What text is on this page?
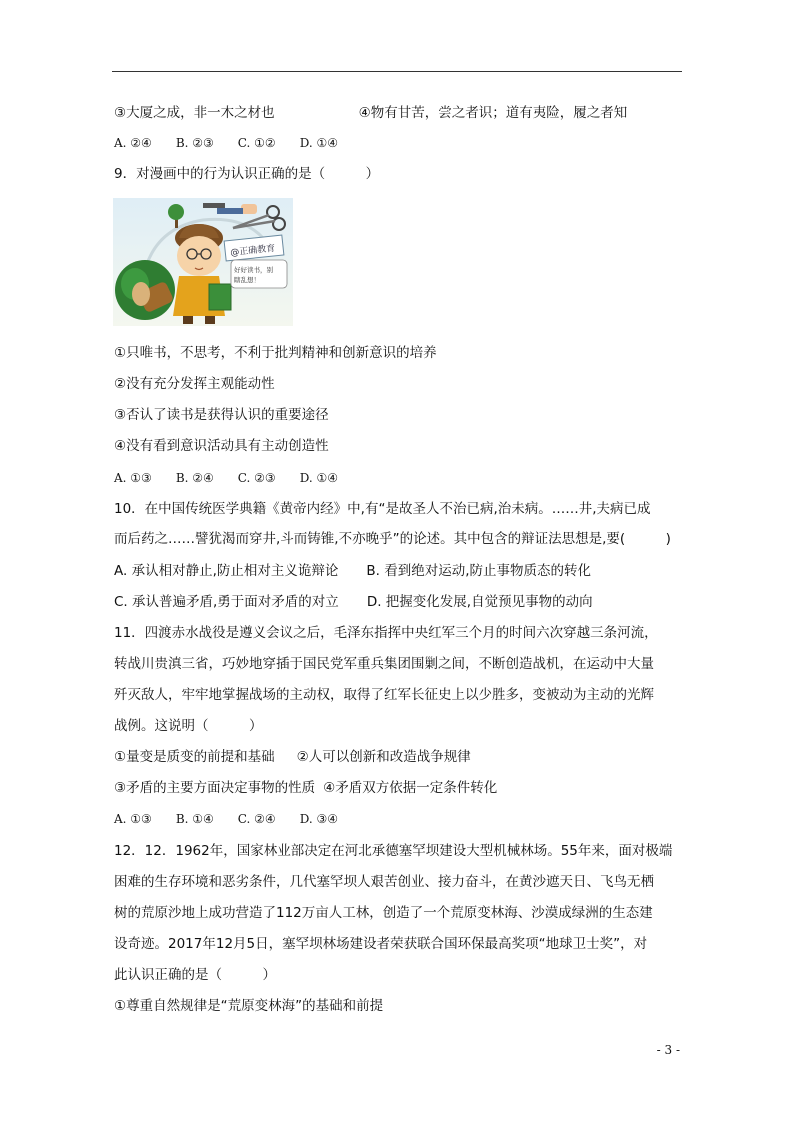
③大厦之成，非一木之材也	④物有甘苦，尝之者识；道有夷险，履之者知
A. ②④ B. ②③ C. ①② D. ①④
9．对漫画中的行为认识正确的是（　　　）
@正确教育
好好读书，别
瞎乱想！
①只唯书，不思考，不利于批判精神和创新意识的培养
②没有充分发挥主观能动性
③否认了读书是获得认识的重要途径
④没有看到意识活动具有主动创造性
A. ①③ B. ②④ C. ②③ D. ①④
10．在中国传统医学典籍《黄帝内经》中,有“是故圣人不治已病,治未病。……井,夫病已成
而后药之……譬犹渴而穿井,斗而铸锥,不亦晚乎”的论述。其中包含的辩证法思想是,要(　　　)
A. 承认相对静止,防止相对主义诡辩论 B. 看到绝对运动,防止事物质态的转化
C. 承认普遍矛盾,勇于面对矛盾的对立 D. 把握变化发展,自觉预见事物的动向
11．四渡赤水战役是遵义会议之后，毛泽东指挥中央红军三个月的时间六次穿越三条河流，
转战川贵滇三省，巧妙地穿插于国民党军重兵集团围剿之间，不断创造战机，在运动中大量
歼灭敌人，牢牢地掌握战场的主动权，取得了红军长征史上以少胜多，变被动为主动的光辉
战例。这说明（　　　）
①量变是质变的前提和基础 ②人可以创新和改造战争规律
③矛盾的主要方面决定事物的性质 ④矛盾双方依据一定条件转化
A. ①③ B. ①④ C. ②④ D. ③④
12．12．1962年，国家林业部决定在河北承德塞罕坝建设大型机械林场。55年来，面对极端
困难的生存环境和恶劣条件，几代塞罕坝人艰苦创业、接力奋斗，在黄沙遮天日、飞鸟无栖
树的荒原沙地上成功营造了112万亩人工林，创造了一个荒原变林海、沙漠成绿洲的生态建
设奇迹。2017年12月5日，塞罕坝林场建设者荣获联合国环保最高奖项“地球卫士奖”，对
此认识正确的是（　　　）
①尊重自然规律是“荒原变林海”的基础和前提
- 3 -
